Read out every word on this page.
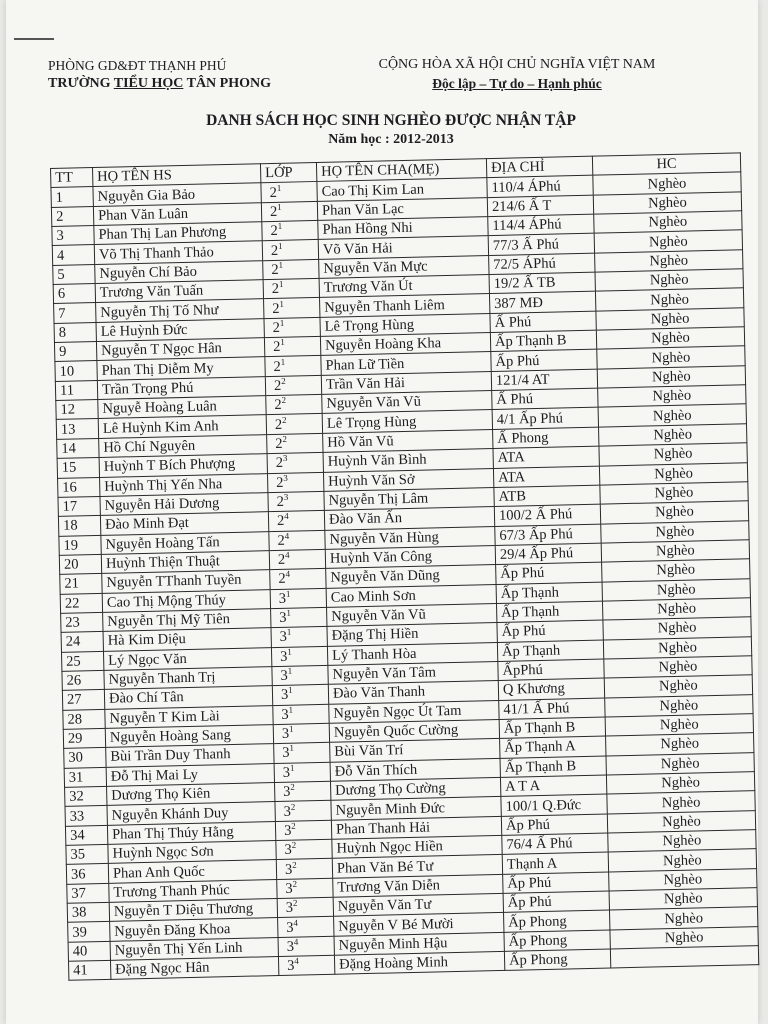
PHÒNG GD&ĐT THẠNH PHÚ
TRƯỜNG TIỂU HỌC TÂN PHONG
CỘNG HÒA XÃ HỘI CHỦ NGHĨA VIỆT NAM
Độc lập – Tự do – Hạnh phúc
DANH SÁCH HỌC SINH NGHÈO ĐƯỢC NHẬN TẬP
Năm học : 2012-2013
TT	HỌ TÊN HS	LỚP	HỌ TÊN CHA(MẸ)	ĐỊA CHỈ	HC
1	Nguyễn Gia Bảo	$2^1$	Cao Thị Kim Lan	110/4 ÁPhú	Nghèo
2	Phan Văn Luân	$2^1$	Phan Văn Lạc	214/6 Ấ T	Nghèo
3	Phan Thị Lan Phương	$2^1$	Phan Hồng Nhi	114/4 ÁPhú	Nghèo
4	Võ Thị Thanh Thảo	$2^1$	Võ Văn Hải	77/3 Ấ Phú	Nghèo
5	Nguyễn Chí Bảo	$2^1$	Nguyễn Văn Mực	72/5 ÁPhú	Nghèo
6	Trương Văn Tuấn	$2^1$	Trương Văn Út	19/2 Ấ TB	Nghèo
7	Nguyễn Thị Tố Như	$2^1$	Nguyễn Thanh Liêm	387 MĐ	Nghèo
8	Lê Huỳnh Đức	$2^1$	Lê Trọng Hùng	Ấ Phú	Nghèo
9	Nguyễn T Ngọc Hân	$2^1$	Nguyễn Hoàng Kha	Ấp Thạnh B	Nghèo
10	Phan Thị Diễm My	$2^1$	Phan Lữ Tiền	Ấp Phú	Nghèo
11	Trần Trọng Phú	$2^2$	Trần Văn Hải	121/4 AT	Nghèo
12	Nguyễ Hoàng Luân	$2^2$	Nguyễn Văn Vũ	Ấ Phú	Nghèo
13	Lê Huỳnh Kim Anh	$2^2$	Lê Trọng Hùng	4/1 Ấp Phú	Nghèo
14	Hồ Chí Nguyên	$2^2$	Hồ Văn Vũ	Ấ Phong	Nghèo
15	Huỳnh T Bích Phượng	$2^3$	Huỳnh Văn Bình	ATA	Nghèo
16	Huỳnh Thị Yến Nha	$2^3$	Huỳnh Văn Sở	ATA	Nghèo
17	Nguyễn Hải Dương	$2^3$	Nguyễn Thị Lâm	ATB	Nghèo
18	Đào Minh Đạt	$2^4$	Đào Văn Ấn	100/2 Ấ Phú	Nghèo
19	Nguyễn Hoàng Tấn	$2^4$	Nguyễn Văn Hùng	67/3 Ấp Phú	Nghèo
20	Huỳnh Thiện Thuật	$2^4$	Huỳnh Văn Công	29/4 Ấp Phú	Nghèo
21	Nguyễn TThanh Tuyền	$2^4$	Nguyễn Văn Dũng	Ấp Phú	Nghèo
22	Cao Thị Mộng Thúy	$3^1$	Cao Minh Sơn	Ấp Thạnh	Nghèo
23	Nguyễn Thị Mỹ Tiên	$3^1$	Nguyễn Văn Vũ	Ấp Thạnh	Nghèo
24	Hà Kim Diệu	$3^1$	Đặng Thị Hiền	Ấp Phú	Nghèo
25	Lý Ngọc Văn	$3^1$	Lý Thanh Hòa	Ấp Thạnh	Nghèo
26	Nguyễn Thanh Trị	$3^1$	Nguyễn Văn Tâm	ẤpPhú	Nghèo
27	Đào Chí Tân	$3^1$	Đào Văn Thanh	Q Khương	Nghèo
28	Nguyễn T Kim Lài	$3^1$	Nguyễn Ngọc Út Tam	41/1 Ấ Phú	Nghèo
29	Nguyễn Hoàng Sang	$3^1$	Nguyễn Quốc Cường	Ấp Thạnh B	Nghèo
30	Bùi Trần Duy Thanh	$3^1$	Bùi Văn Trí	Ấp Thạnh A	Nghèo
31	Đỗ Thị Mai Ly	$3^1$	Đỗ Văn Thích	Ấp Thạnh B	Nghèo
32	Dương Thọ Kiên	$3^2$	Dương Thọ Cường	A T A	Nghèo
33	Nguyễn Khánh Duy	$3^2$	Nguyễn Minh Đức	100/1 Q.Đức	Nghèo
34	Phan Thị Thúy Hằng	$3^2$	Phan Thanh Hải	Ấp Phú	Nghèo
35	Huỳnh Ngọc Sơn	$3^2$	Huỳnh Ngọc Hiền	76/4 Ấ Phú	Nghèo
36	Phan Anh Quốc	$3^2$	Phan Văn Bé Tư	Thạnh A	Nghèo
37	Trương Thanh Phúc	$3^2$	Trương Văn Diễn	Ấp Phú	Nghèo
38	Nguyễn T Diệu Thương	$3^2$	Nguyễn Văn Tư	Ấp Phú	Nghèo
39	Nguyễn Đăng Khoa	$3^4$	Nguyễn V Bé Mười	Ấp Phong	Nghèo
40	Nguyễn Thị Yến Linh	$3^4$	Nguyễn Minh Hậu	Ấp Phong	Nghèo
41	Đặng Ngọc Hân	$3^4$	Đặng Hoàng Minh	Ấp Phong	
